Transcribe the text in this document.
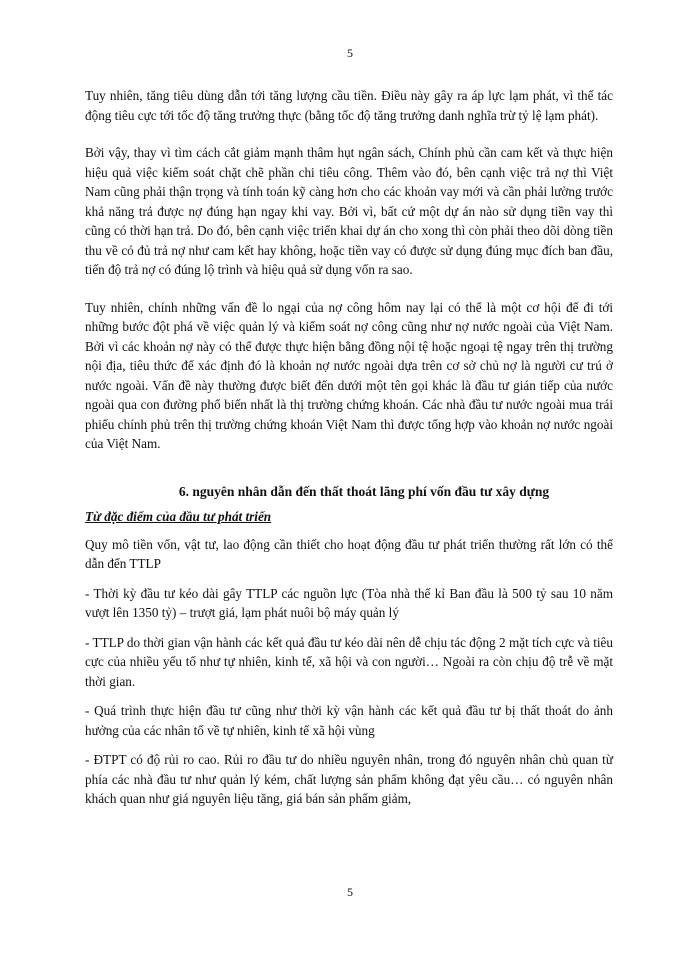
5

Tuy nhiên, tăng tiêu dùng dẫn tới tăng lượng cầu tiền. Điều này gây ra áp lực lạm phát, vì thế tác động tiêu cực tới tốc độ tăng trưởng thực (bằng tốc độ tăng trưởng danh nghĩa trừ tỷ lệ lạm phát).

Bởi vậy, thay vì tìm cách cắt giảm mạnh thâm hụt ngân sách, Chính phủ cần cam kết và thực hiện hiệu quả việc kiểm soát chặt chẽ phần chi tiêu công. Thêm vào đó, bên cạnh việc trả nợ thì Việt Nam cũng phải thận trọng và tính toán kỹ càng hơn cho các khoản vay mới và cần phải lường trước khả năng trả được nợ đúng hạn ngay khi vay. Bởi vì, bất cứ một dự án nào sử dụng tiền vay thì cũng có thời hạn trả. Do đó, bên cạnh việc triển khai dự án cho xong thì còn phải theo dõi dòng tiền thu về có đủ trả nợ như cam kết hay không, hoặc tiền vay có được sử dụng đúng mục đích ban đầu, tiến độ trả nợ có đúng lộ trình và hiệu quả sử dụng vốn ra sao.

Tuy nhiên, chính những vấn đề lo ngại của nợ công hôm nay lại có thể là một cơ hội để đi tới những bước đột phá về việc quản lý và kiểm soát nợ công cũng như nợ nước ngoài của Việt Nam. Bởi vì các khoản nợ này có thể được thực hiện bằng đồng nội tệ hoặc ngoại tệ ngay trên thị trường nội địa, tiêu thức để xác định đó là khoản nợ nước ngoài dựa trên cơ sở chủ nợ là người cư trú ở nước ngoài. Vấn đề này thường được biết đến dưới một tên gọi khác là đầu tư gián tiếp của nước ngoài qua con đường phổ biến nhất là thị trường chứng khoán. Các nhà đầu tư nước ngoài mua trái phiếu chính phủ trên thị trường chứng khoán Việt Nam thì được tổng hợp vào khoản nợ nước ngoài của Việt Nam.

6. nguyên nhân dẫn đến thất thoát lãng phí vốn đầu tư xây dựng
Từ đặc điểm của đầu tư phát triển

Quy mô tiền vốn, vật tư, lao động cần thiết cho hoạt động đầu tư phát triển thường rất lớn có thể dẫn đến TTLP

- Thời kỳ đầu tư kéo dài gây TTLP các nguồn lực (Tòa nhà thế kỉ Ban đầu là 500 tỷ sau 10 năm vượt lên 1350 tỷ) – trượt giá, lạm phát nuôi bộ máy quản lý

- TTLP do thời gian vận hành các kết quả đầu tư kéo dài nên dễ chịu tác động 2 mặt tích cực và tiêu cực của nhiều yếu tố như tự nhiên, kinh tế, xã hội và con người… Ngoài ra còn chịu độ trễ về mặt thời gian.

- Quá trình thực hiện đầu tư cũng như thời kỳ vận hành các kết quả đầu tư bị thất thoát do ảnh hưởng của các nhân tố về tự nhiên, kinh tế xã hội vùng

- ĐTPT có độ rủi ro cao. Rủi ro đầu tư do nhiều nguyên nhân, trong đó nguyên nhân chủ quan từ phía các nhà đầu tư như quản lý kém, chất lượng sản phẩm không đạt yêu cầu… có nguyên nhân khách quan như giá nguyên liệu tăng, giá bán sản phẩm giảm,

5
